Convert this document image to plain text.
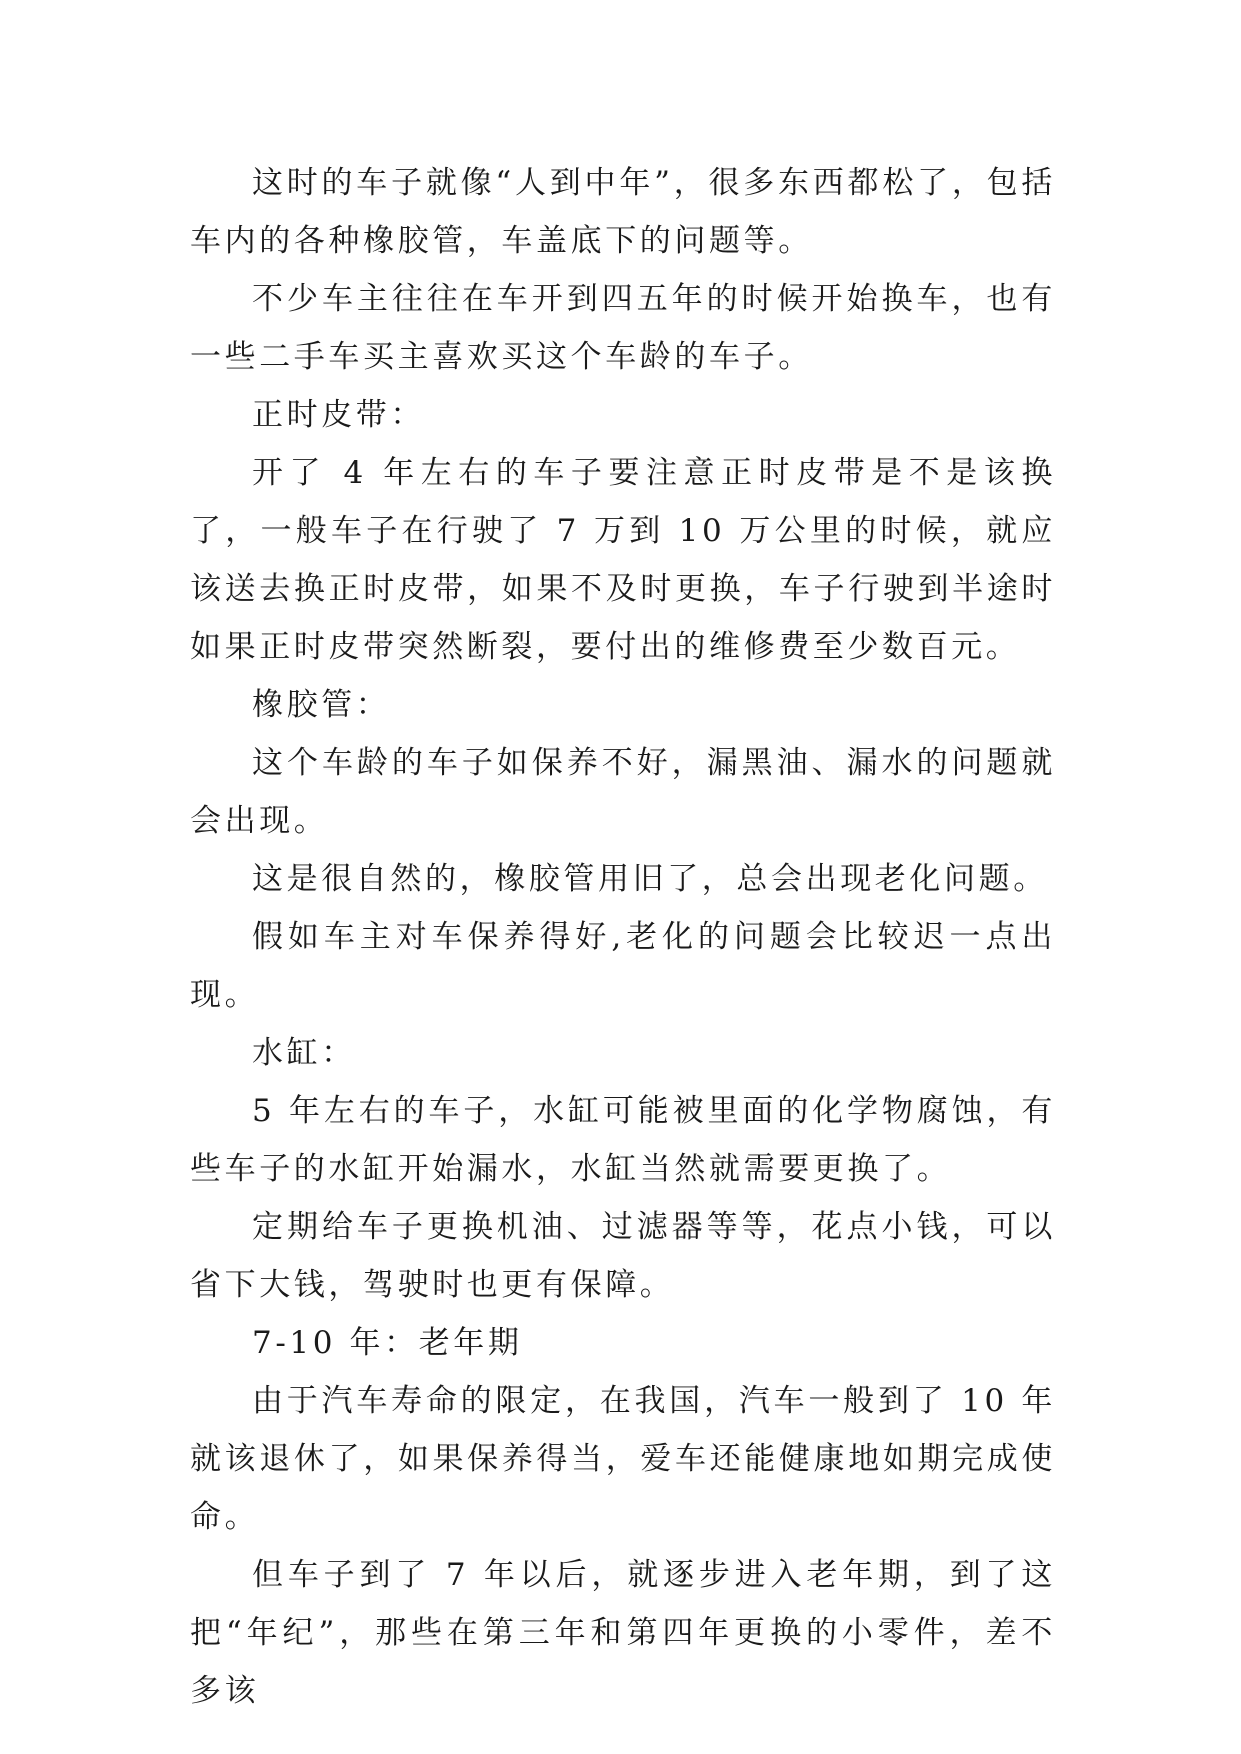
这时的车子就像“人到中年”，很多东西都松了，包括车内的各种橡胶管，车盖底下的问题等。

不少车主往往在车开到四五年的时候开始换车，也有一些二手车买主喜欢买这个车龄的车子。

正时皮带：

开了 4 年左右的车子要注意正时皮带是不是该换了，一般车子在行驶了 7 万到 10 万公里的时候，就应该送去换正时皮带，如果不及时更换，车子行驶到半途时如果正时皮带突然断裂，要付出的维修费至少数百元。

橡胶管：

这个车龄的车子如保养不好，漏黑油、漏水的问题就会出现。

这是很自然的，橡胶管用旧了，总会出现老化问题。

假如车主对车保养得好,老化的问题会比较迟一点出现。

水缸：

5 年左右的车子，水缸可能被里面的化学物腐蚀，有些车子的水缸开始漏水，水缸当然就需要更换了。

定期给车子更换机油、过滤器等等，花点小钱，可以省下大钱，驾驶时也更有保障。

7-10 年：老年期

由于汽车寿命的限定，在我国，汽车一般到了 10 年就该退休了，如果保养得当，爱车还能健康地如期完成使命。

但车子到了 7 年以后，就逐步进入老年期，到了这把“年纪”，那些在第三年和第四年更换的小零件，差不多该
